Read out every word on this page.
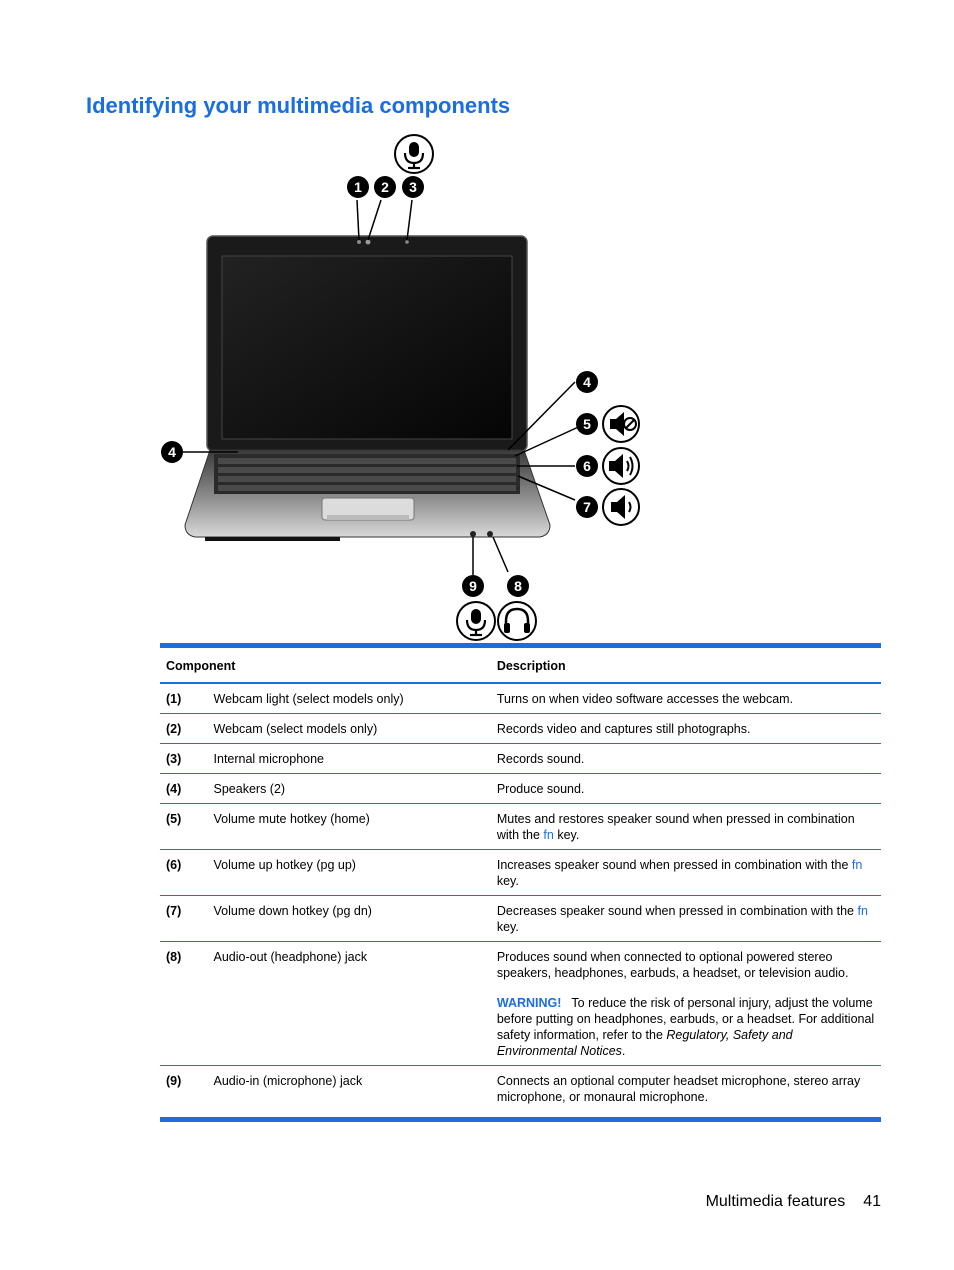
Identifying your multimedia components
1 2 3
4
4
5
6
7
8
9
Component		Description
(1)	Webcam light (select models only)	Turns on when video software accesses the webcam.
(2)	Webcam (select models only)	Records video and captures still photographs.
(3)	Internal microphone	Records sound.
(4)	Speakers (2)	Produce sound.
(5)	Volume mute hotkey (home)	Mutes and restores speaker sound when pressed in combination with the fn key.
(6)	Volume up hotkey (pg up)	Increases speaker sound when pressed in combination with the fn key.
(7)	Volume down hotkey (pg dn)	Decreases speaker sound when pressed in combination with the fn key.
(8)	Audio-out (headphone) jack	Produces sound when connected to optional powered stereo speakers, headphones, earbuds, a headset, or television audio.
WARNING! To reduce the risk of personal injury, adjust the volume before putting on headphones, earbuds, or a headset. For additional safety information, refer to the Regulatory, Safety and Environmental Notices.

(9)	Audio-in (microphone) jack	Connects an optional computer headset microphone, stereo array microphone, or monaural microphone.
Multimedia features 41
